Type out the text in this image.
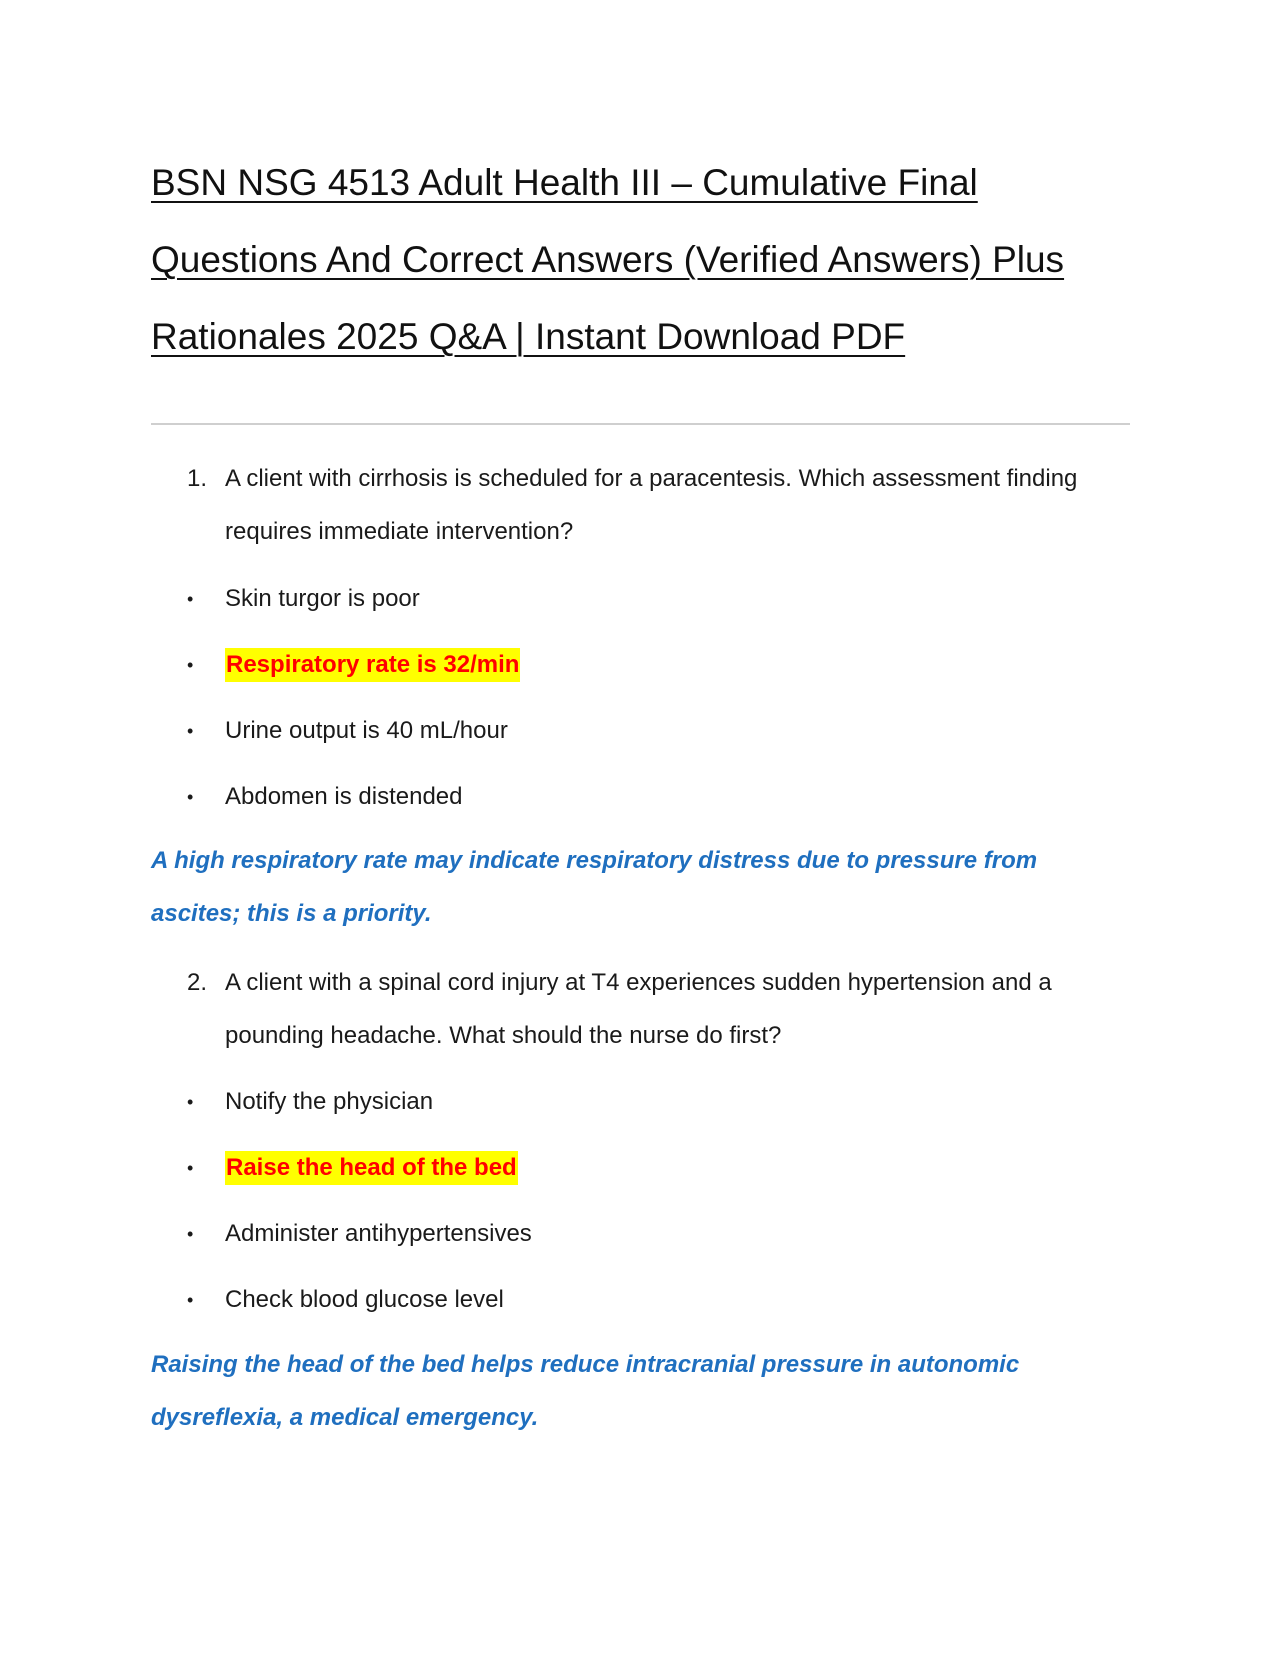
BSN NSG 4513 Adult Health III – Cumulative Final
Questions And Correct Answers (Verified Answers) Plus
Rationales 2025 Q&A | Instant Download PDF
1. A client with cirrhosis is scheduled for a paracentesis. Which assessment finding requires immediate intervention?
•	Skin turgor is poor
•	Respiratory rate is 32/min
•	Urine output is 40 mL/hour
•	Abdomen is distended
A high respiratory rate may indicate respiratory distress due to pressure from ascites; this is a priority.
2. A client with a spinal cord injury at T4 experiences sudden hypertension and a pounding headache. What should the nurse do first?
•	Notify the physician
•	Raise the head of the bed
•	Administer antihypertensives
•	Check blood glucose level
Raising the head of the bed helps reduce intracranial pressure in autonomic dysreflexia, a medical emergency.
